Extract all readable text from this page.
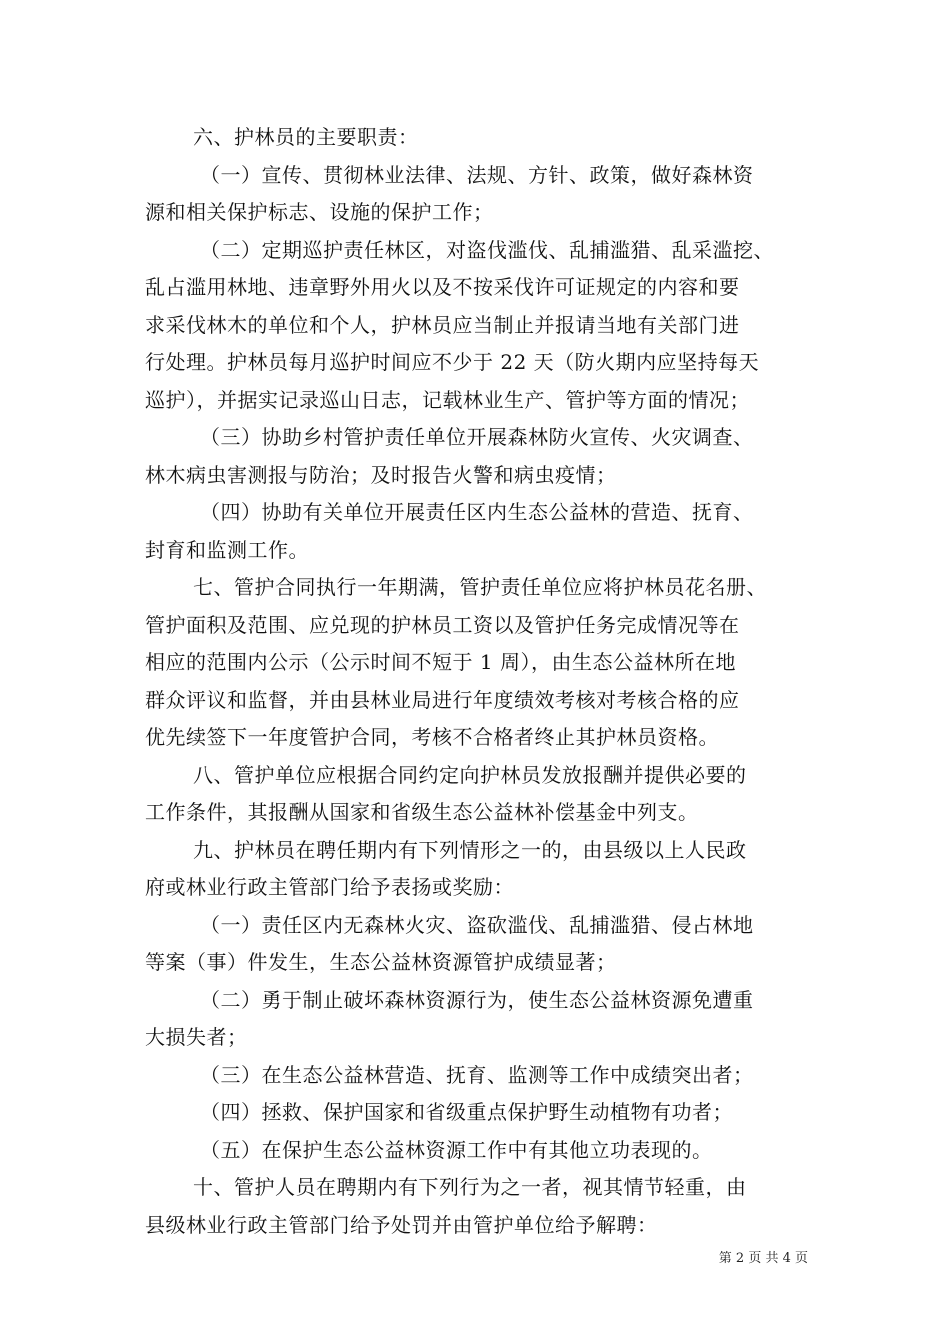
六、护林员的主要职责：
（一）宣传、贯彻林业法律、法规、方针、政策，做好森林资
源和相关保护标志、设施的保护工作；
（二）定期巡护责任林区，对盗伐滥伐、乱捕滥猎、乱采滥挖、
乱占滥用林地、违章野外用火以及不按采伐许可证规定的内容和要
求采伐林木的单位和个人，护林员应当制止并报请当地有关部门进
行处理。护林员每月巡护时间应不少于 22 天（防火期内应坚持每天
巡护），并据实记录巡山日志，记载林业生产、管护等方面的情况；
（三）协助乡村管护责任单位开展森林防火宣传、火灾调查、
林木病虫害测报与防治；及时报告火警和病虫疫情；
（四）协助有关单位开展责任区内生态公益林的营造、抚育、
封育和监测工作。
七、管护合同执行一年期满，管护责任单位应将护林员花名册、
管护面积及范围、应兑现的护林员工资以及管护任务完成情况等在
相应的范围内公示（公示时间不短于 1 周），由生态公益林所在地
群众评议和监督，并由县林业局进行年度绩效考核对考核合格的应
优先续签下一年度管护合同，考核不合格者终止其护林员资格。
八、管护单位应根据合同约定向护林员发放报酬并提供必要的
工作条件，其报酬从国家和省级生态公益林补偿基金中列支。
九、护林员在聘任期内有下列情形之一的，由县级以上人民政
府或林业行政主管部门给予表扬或奖励：
（一）责任区内无森林火灾、盗砍滥伐、乱捕滥猎、侵占林地
等案（事）件发生，生态公益林资源管护成绩显著；
（二）勇于制止破坏森林资源行为，使生态公益林资源免遭重
大损失者；
（三）在生态公益林营造、抚育、监测等工作中成绩突出者；
（四）拯救、保护国家和省级重点保护野生动植物有功者；
（五）在保护生态公益林资源工作中有其他立功表现的。
十、管护人员在聘期内有下列行为之一者，视其情节轻重，由
县级林业行政主管部门给予处罚并由管护单位给予解聘：
第 2 页 共 4 页
